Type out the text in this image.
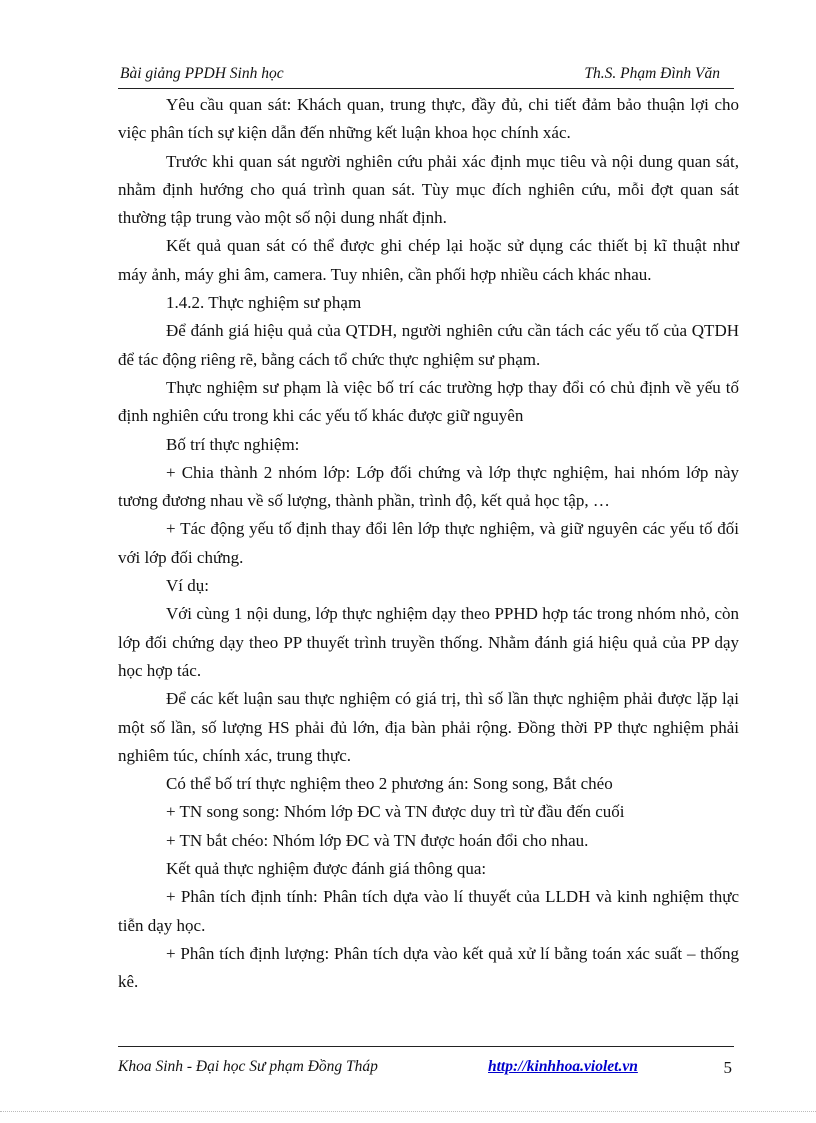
Bài giảng PPDH Sinh học	Th.S. Phạm Đình Văn

Yêu cầu quan sát: Khách quan, trung thực, đầy đủ, chi tiết đảm bảo thuận lợi cho việc phân tích sự kiện dẫn đến những kết luận khoa học chính xác.

Trước khi quan sát người nghiên cứu phải xác định mục tiêu và nội dung quan sát, nhằm định hướng cho quá trình quan sát. Tùy mục đích nghiên cứu, mỗi đợt quan sát thường tập trung vào một số nội dung nhất định.

Kết quả quan sát có thể được ghi chép lại hoặc sử dụng các thiết bị kĩ thuật như máy ảnh, máy ghi âm, camera. Tuy nhiên, cần phối hợp nhiều cách khác nhau.

1.4.2. Thực nghiệm sư phạm

Để đánh giá hiệu quả của QTDH, người nghiên cứu cần tách các yếu tố của QTDH để tác động riêng rẽ, bằng cách tổ chức thực nghiệm sư phạm.

Thực nghiệm sư phạm là việc bố trí các trường hợp thay đổi có chủ định về yếu tố định nghiên cứu trong khi các yếu tố khác được giữ nguyên

Bố trí thực nghiệm:

+ Chia thành 2 nhóm lớp: Lớp đối chứng và lớp thực nghiệm, hai nhóm lớp này tương đương nhau về số lượng, thành phần, trình độ, kết quả học tập, …

+ Tác động yếu tố định thay đổi lên lớp thực nghiệm, và giữ nguyên các yếu tố đối với lớp đối chứng.

Ví dụ:

Với cùng 1 nội dung, lớp thực nghiệm dạy theo PPHD hợp tác trong nhóm nhỏ, còn lớp đối chứng dạy theo PP thuyết trình truyền thống. Nhằm đánh giá hiệu quả của PP dạy học hợp tác.

Để các kết luận sau thực nghiệm có giá trị, thì số lần thực nghiệm phải được lặp lại một số lần, số lượng HS phải đủ lớn, địa bàn phải rộng. Đồng thời PP thực nghiệm phải nghiêm túc, chính xác, trung thực.

Có thể bố trí thực nghiệm theo 2 phương án: Song song, Bắt chéo

+ TN song song: Nhóm lớp ĐC và TN được duy trì từ đầu đến cuối

+ TN bắt chéo: Nhóm lớp ĐC và TN được hoán đổi cho nhau.

Kết quả thực nghiệm được đánh giá thông qua:

+ Phân tích định tính: Phân tích dựa vào lí thuyết của LLDH và kinh nghiệm thực tiễn dạy học.

+ Phân tích định lượng: Phân tích dựa vào kết quả xử lí bằng toán xác suất – thống kê.

Khoa Sinh - Đại học Sư phạm Đồng Tháp	http://kinhhoa.violet.vn	5
